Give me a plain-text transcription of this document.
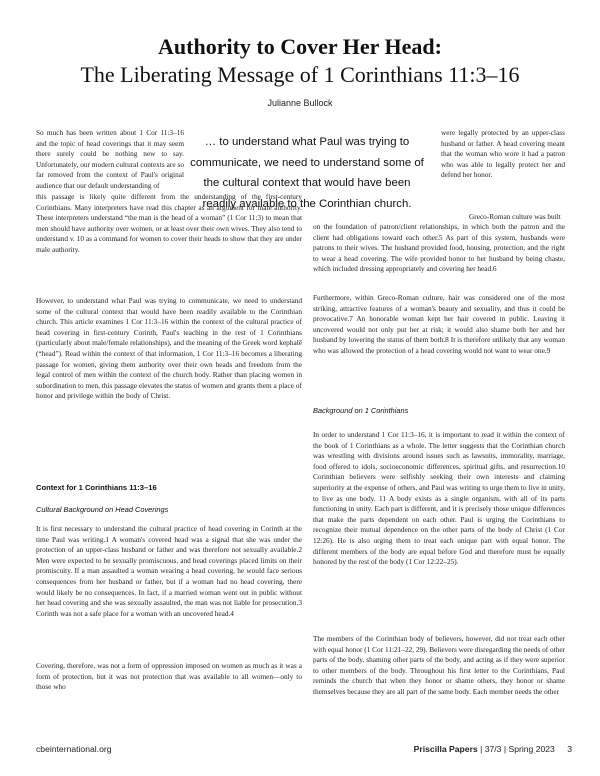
Authority to Cover Her Head:
The Liberating Message of 1 Corinthians 11:3–16
Julianne Bullock
… to understand what Paul was trying to communicate, we need to understand some of the cultural context that would have been readily available to the Corinthian church.

So much has been written about 1 Cor 11:3–16 and the topic of head coverings that it may seem there surely could be nothing new to say. Unfortunately, our modern cultural contexts are so far removed from the context of Paul's original audience that our default understanding of

this passage is likely quite different from the understanding of the first-century Corinthians. Many interpreters have read this chapter as an argument for male authority. These interpreters understand “the man is the head of a woman” (1 Cor 11:3) to mean that men should have authority over women, or at least over their own wives. They also tend to understand v. 10 as a command for women to cover their heads to show that they are under male authority.

However, to understand what Paul was trying to communicate, we need to understand some of the cultural context that would have been readily available to the Corinthian church. This article examines 1 Cor 11:3–16 within the context of the cultural practice of head covering in first-century Corinth, Paul's teaching in the rest of 1 Corinthians (particularly about male/female relationships), and the meaning of the Greek word kephalē (“head”). Read within the context of that information, 1 Cor 11:3–16 becomes a liberating passage for women, giving them authority over their own heads and freedom from the legal control of men within the context of the church body. Rather than placing women in subordination to men, this passage elevates the status of women and grants them a place of honor and privilege within the body of Christ.

Context for 1 Corinthians 11:3–16

Cultural Background on Head Coverings

It is first necessary to understand the cultural practice of head covering in Corinth at the time Paul was writing.1 A woman's covered head was a signal that she was under the protection of an upper-class husband or father and was therefore not sexually available.2 Men were expected to be sexually promiscuous, and head coverings placed limits on their promiscuity. If a man assaulted a woman wearing a head covering, he would face serious consequences from her husband or father, but if a woman had no head covering, there would likely be no consequences. In fact, if a married woman went out in public without her head covering and she was sexually assaulted, the man was not liable for prosecution.3 Corinth was not a safe place for a woman with an uncovered head.4

Covering, therefore, was not a form of oppression imposed on women as much as it was a form of protection, but it was not protection that was available to all women—only to those who

were legally protected by an upper-class husband or father. A head covering meant that the woman who wore it had a patron who was able to legally protect her and defend her honor.

Greco-Roman culture was built

on the foundation of patron/client relationships, in which both the patron and the client had obligations toward each other.5 As part of this system, husbands were patrons to their wives. The husband provided food, housing, protection, and the right to wear a head covering. The wife provided honor to her husband by being chaste, which included dressing appropriately and covering her head.6

Furthermore, within Greco-Roman culture, hair was considered one of the most striking, attractive features of a woman's beauty and sexuality, and thus it could be provocative.7 An honorable woman kept her hair covered in public. Leaving it uncovered would not only put her at risk; it would also shame both her and her husband by lowering the status of them both.8 It is therefore unlikely that any woman who was allowed the protection of a head covering would not want to wear one.9

Background on 1 Corinthians

In order to understand 1 Cor 11:3–16, it is important to read it within the context of the book of 1 Corinthians as a whole. The letter suggests that the Corinthian church was wrestling with divisions around issues such as lawsuits, immorality, marriage, food offered to idols, socioeconomic differences, spiritual gifts, and resurrection.10 Corinthian believers were selfishly seeking their own interests and claiming superiority at the expense of others, and Paul was writing to urge them to live in unity, to live as one body. 11 A body exists as a single organism, with all of its parts functioning in unity. Each part is different, and it is precisely those unique differences that make the parts dependent on each other. Paul is urging the Corinthians to recognize their mutual dependence on the other parts of the body of Christ (1 Cor 12:26). He is also urging them to treat each unique part with equal honor. The different members of the body are equal before God and therefore must be equally honored by the rest of the body (1 Cor 12:22–25).

The members of the Corinthian body of believers, however, did not treat each other with equal honor (1 Cor 11:21–22, 29). Believers were disregarding the needs of other parts of the body, shaming other parts of the body, and acting as if they were superior to other members of the body. Throughout his first letter to the Corinthians, Paul reminds the church that when they honor or shame others, they honor or shame themselves because they are all part of the same body. Each member needs the other

cbeinternational.org	Priscilla Papers | 37/3 | Spring 2023 3
